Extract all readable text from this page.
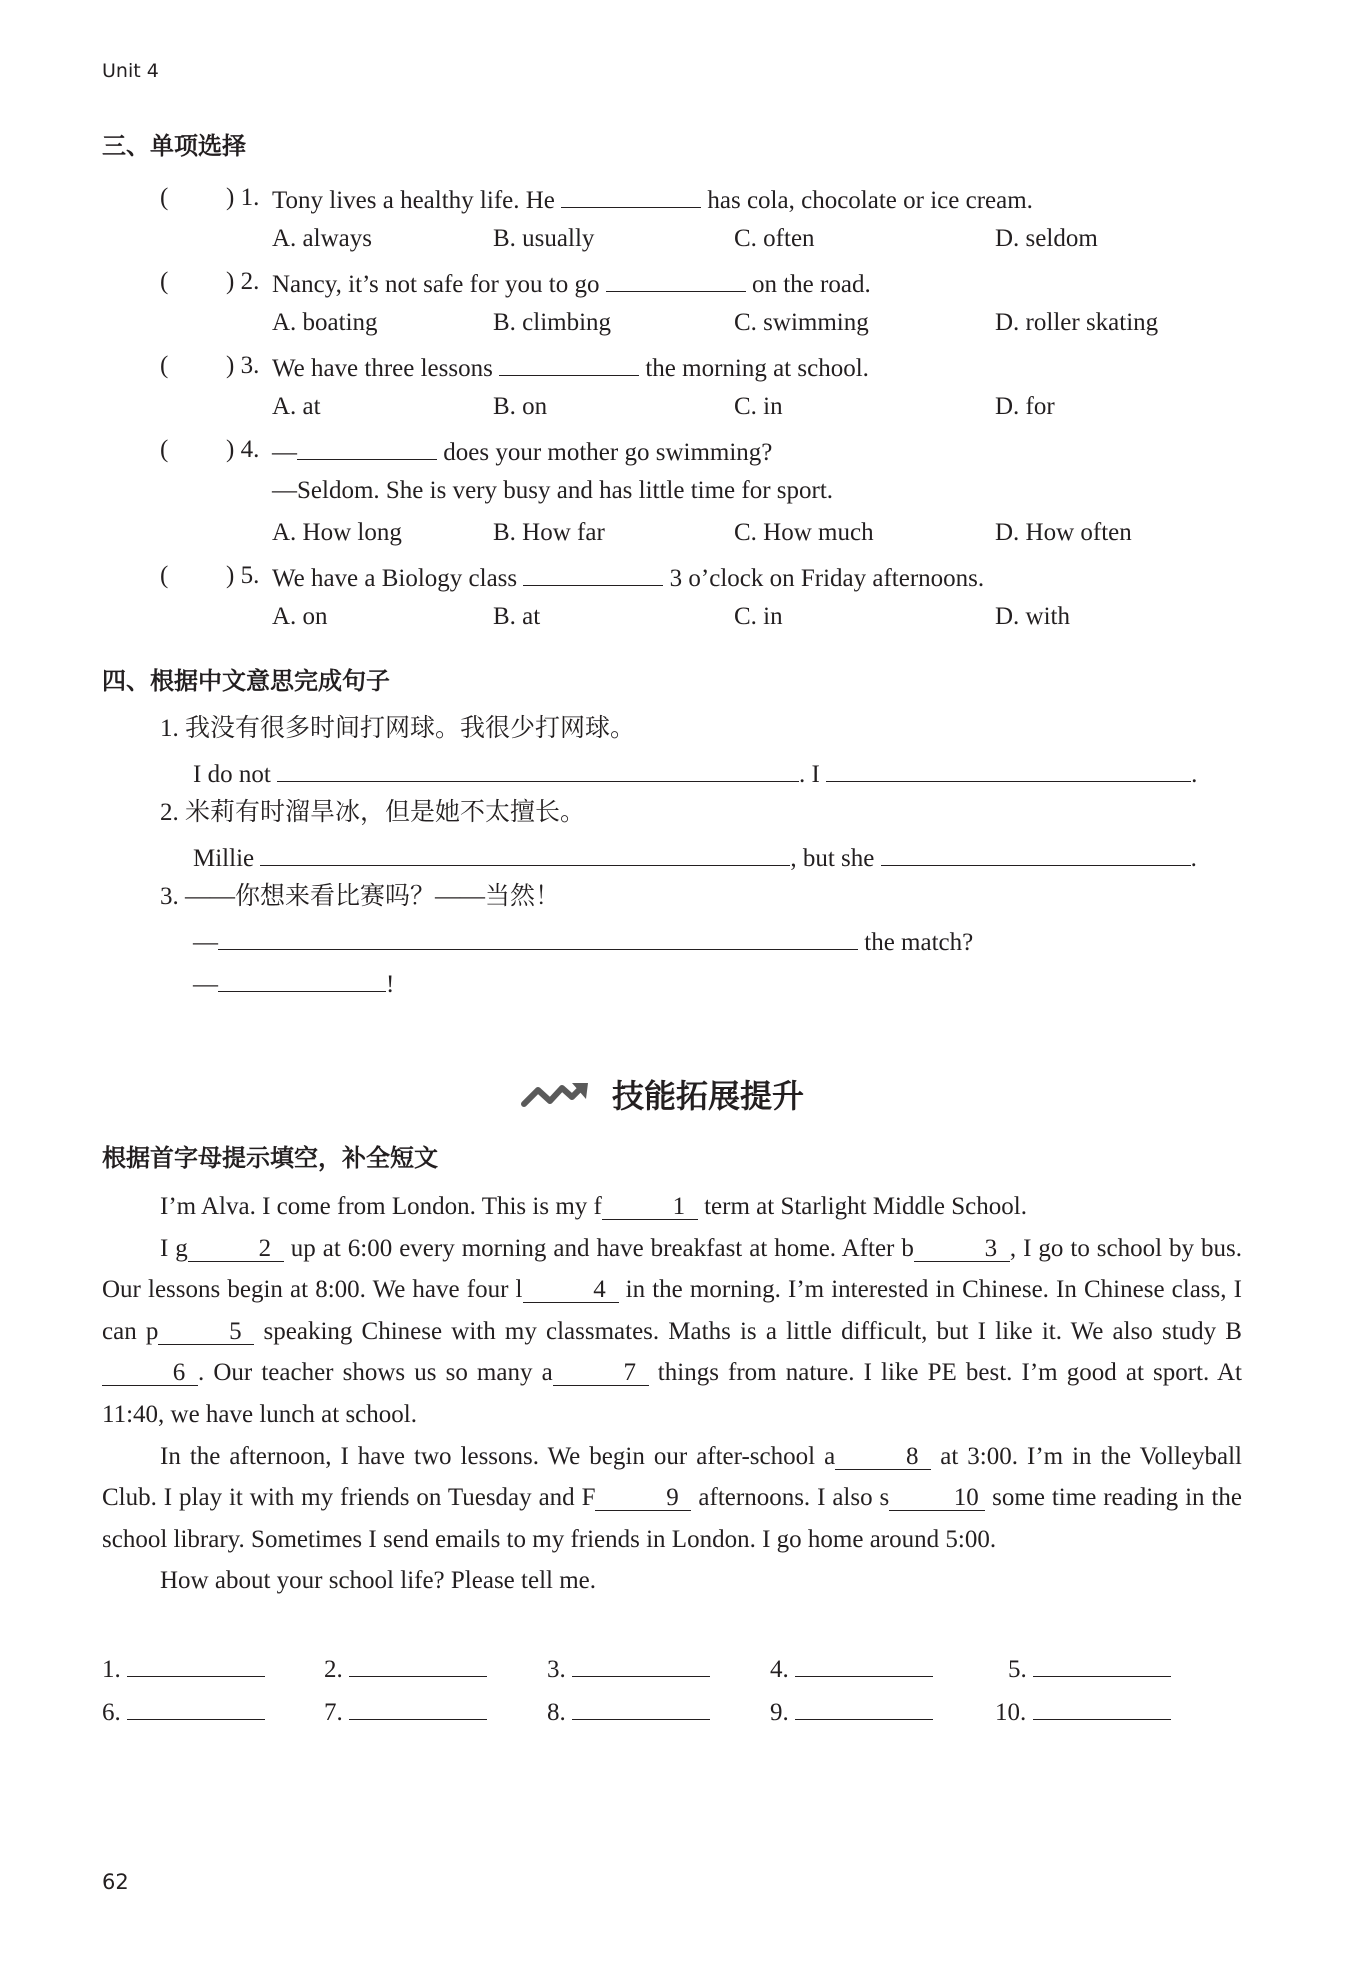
Unit 4
三、单项选择
( ) 1. Tony lives a healthy life. He	has cola, chocolate or ice cream.
A. always	B. usually	C. often	D. seldom
( ) 2. Nancy, it’s not safe for you to go	on the road.
A. boating	B. climbing	C. swimming	D. roller skating
( ) 3. We have three lessons	the morning at school.
A. at	B. on	C. in	D. for
( ) 4. —	does your mother go swimming?
—Seldom. She is very busy and has little time for sport.
A. How long	B. How far	C. How much	D. How often
( ) 5. We have a Biology class	3 o’clock on Friday afternoons.
A. on	B. at	C. in	D. with
四、根据中文意思完成句子
1. 我没有很多时间打网球。我很少打网球。
I do not	. I	.
2. 米莉有时溜旱冰，但是她不太擅长。
Millie	, but she	.
3. ——你想来看比赛吗？——当然！
—	the match?
—	!
技能拓展提升
根据首字母提示填空，补全短文

I’m Alva. I come from London. This is my f	1 term at Starlight Middle School.

I g	2 up at 6:00 every morning and have breakfast at home. After b	3 , I go to school by bus. Our lessons begin at 8:00. We have four l	4 in the morning. I’m interested in Chinese. In Chinese class, I can p	5 speaking Chinese with my classmates. Maths is a little difficult, but I like it. We also study B6 . Our teacher shows us so many a	7 things from nature. I like PE best. I’m good at sport. At 11:40, we have lunch at school.

In the afternoon, I have two lessons. We begin our after-school a	8 at 3:00. I’m in the Volleyball Club. I play it with my friends on Tuesday and F	9 afternoons. I also s	10 some time reading in the school library. Sometimes I send emails to my friends in London. I go home around 5:00.

How about your school life? Please tell me.

1.	2.	3.	4.	5.
6.	7.	8.	9.	10.
62
